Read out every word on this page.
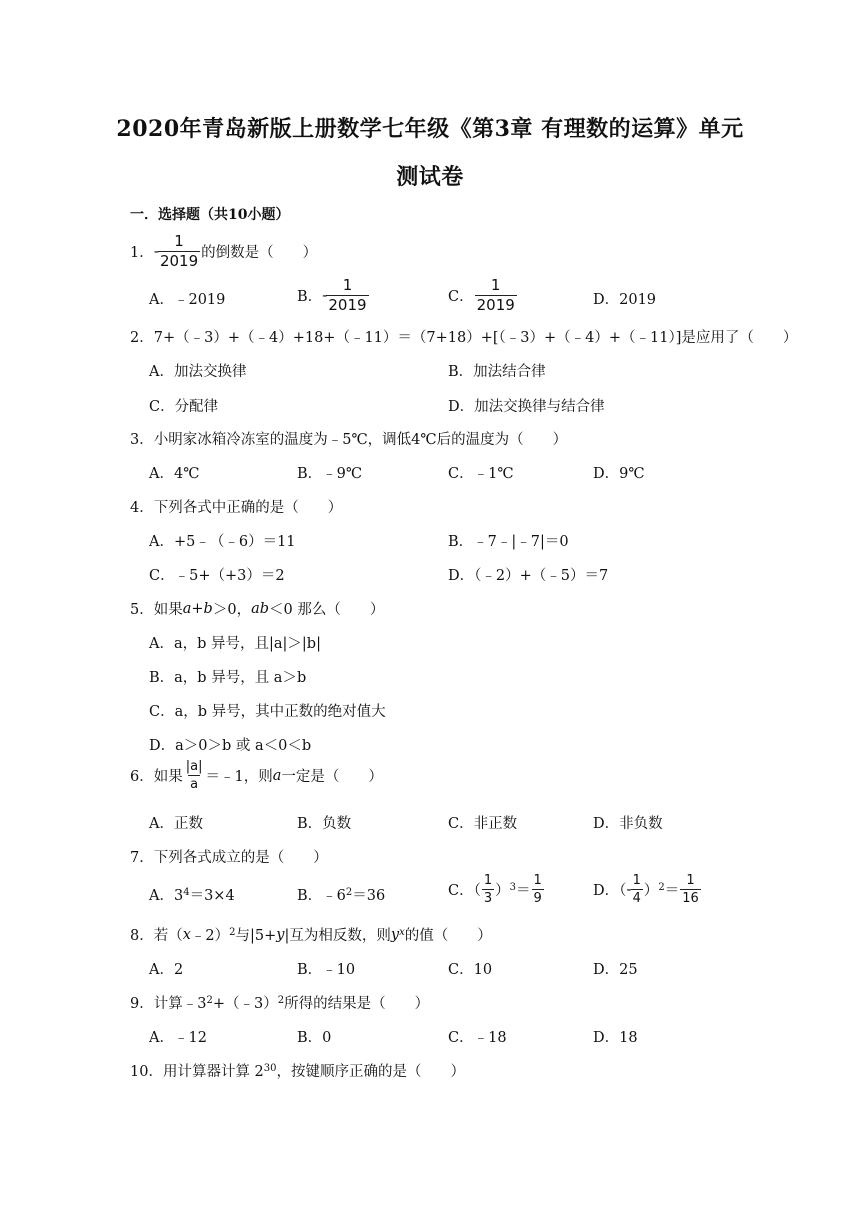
2020年青岛新版上册数学七年级《第3章 有理数的运算》单元
测试卷
一．选择题（共10小题）
1． - $\frac{1}{2019}$ 的倒数是（　　）
A．﹣2019	B． - $\frac{1}{2019}$	C． $\frac{1}{2019}$	D．2019
2．7+（﹣3）+（﹣4）+18+（﹣11）＝（7+18）+[（﹣3）+（﹣4）+（﹣11）]是应用了（　　）
A．加法交换律	B．加法结合律
C．分配律	D．加法交换律与结合律
3．小明家冰箱冷冻室的温度为﹣5℃，调低4℃后的温度为（　　）
A．4℃	B．﹣9℃	C．﹣1℃	D．9℃
4．下列各式中正确的是（　　）
A．+5﹣（﹣6）＝11	B．﹣7﹣|﹣7|＝0
C．﹣5+（+3）＝2	D．（﹣2）+（﹣5）＝7
5．如果 a + b ＞0， ab ＜0 那么（　　）
A．a，b 异号，且|a|＞|b|
B．a，b 异号，且 a＞b
C．a，b 异号，其中正数的绝对值大
D．a＞0＞b 或 a＜0＜b
6．如果 $\frac{|a|}{a}$ ＝﹣1，则 a 一定是（　　）
A．正数	B．负数	C．非正数	D．非负数
7．下列各式成立的是（　　）
A．$3^4 =3\times 4$	B．$﹣6^2 =36$	C．（ $\frac{1}{3} )^3 = \frac{1}{9}$	D．（ - $\frac{1}{4} )^2 = \frac{1}{16}$
8．若（ x ﹣2）$^2$ 与|5+ y |互为相反数，则 y $^x$ 的值（　　）
A．2	B．﹣10	C．10	D．25
9．计算$﹣3^2$ +（﹣3）$^2$ 所得的结果是（　　）
A．﹣12	B．0	C．﹣18	D．18
10．用计算器计算 $2^{30}$ ，按键顺序正确的是（　　）
